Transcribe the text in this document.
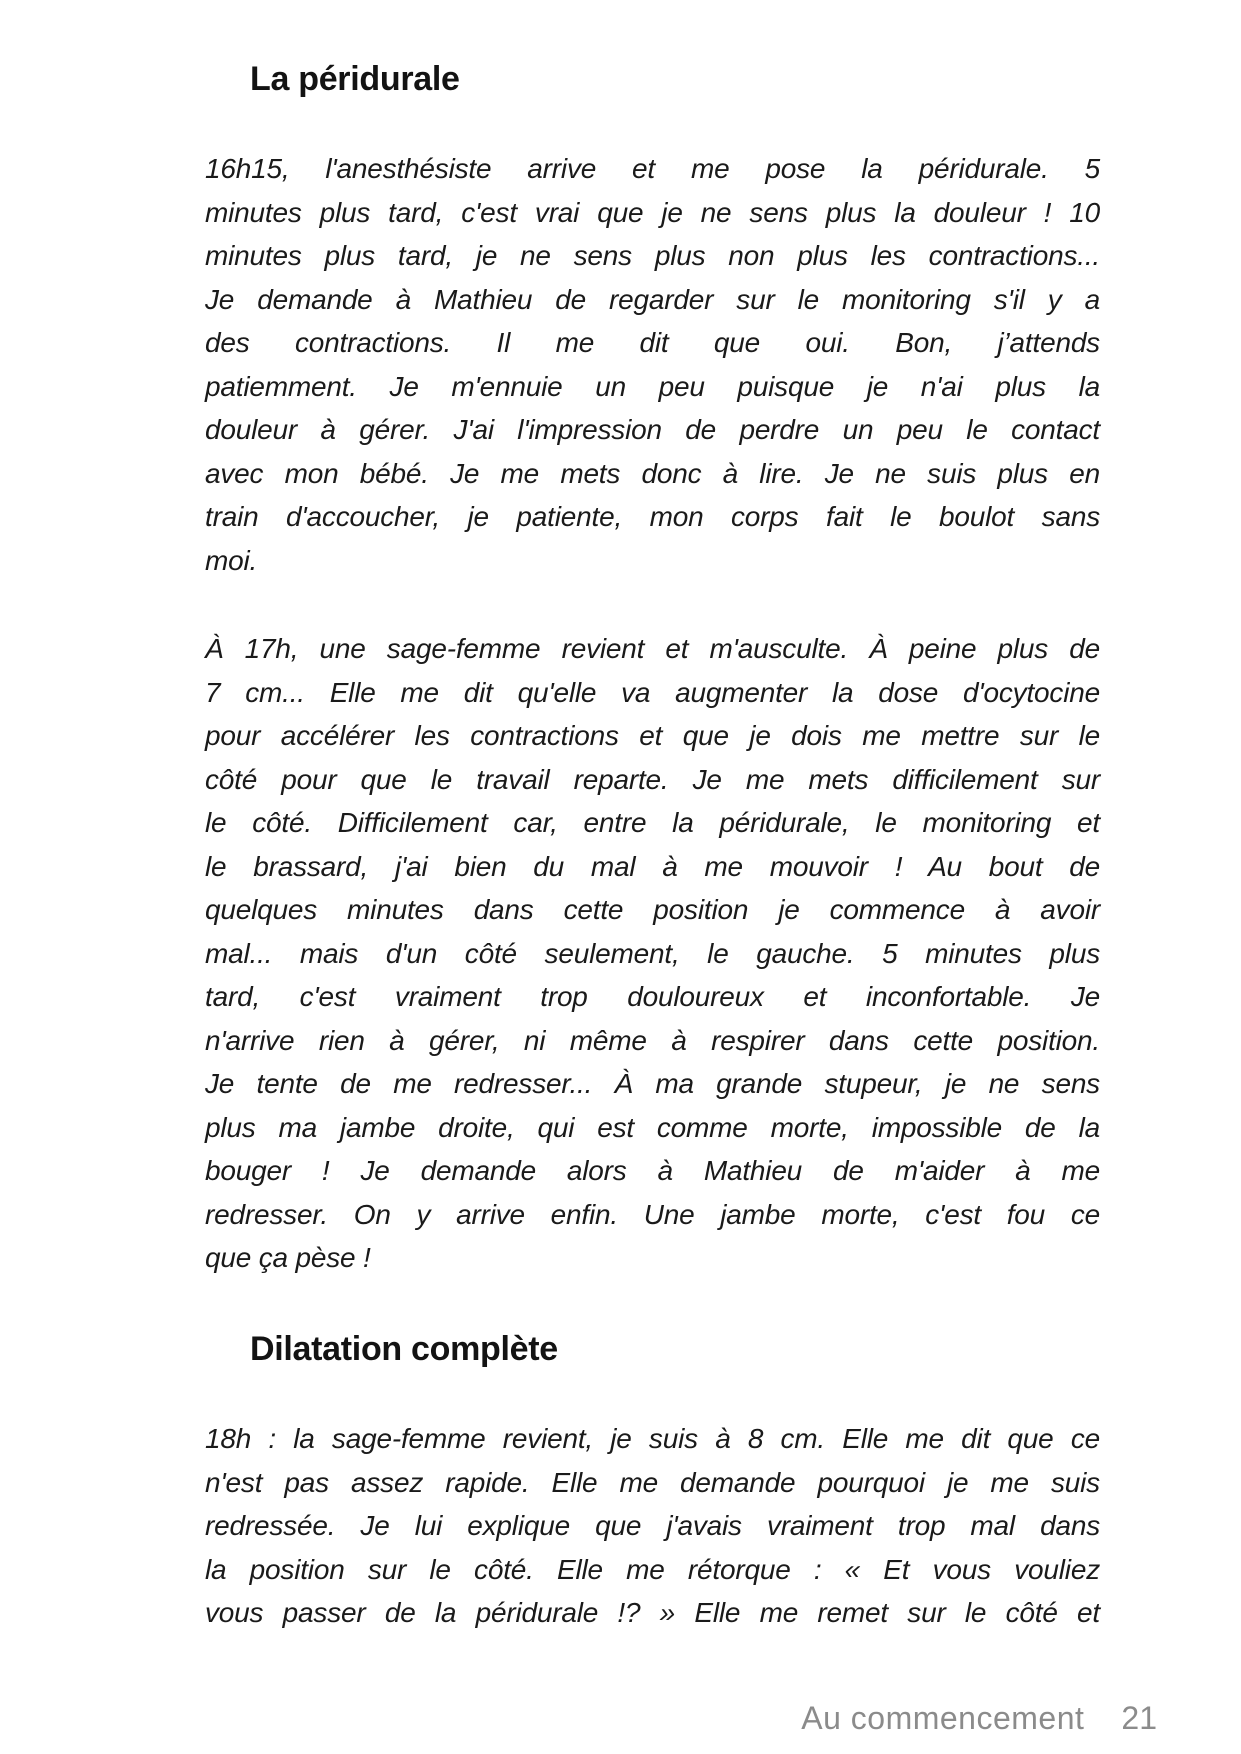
La péridurale
16h15, l'anesthésiste arrive et me pose la péridurale. 5
minutes plus tard, c'est vrai que je ne sens plus la douleur ! 10
minutes plus tard, je ne sens plus non plus les contractions...
Je demande à Mathieu de regarder sur le monitoring s'il y a
des contractions. Il me dit que oui. Bon, j’attends
patiemment. Je m'ennuie un peu puisque je n'ai plus la
douleur à gérer. J'ai l'impression de perdre un peu le contact
avec mon bébé. Je me mets donc à lire. Je ne suis plus en
train d'accoucher, je patiente, mon corps fait le boulot sans
moi.
À 17h, une sage-femme revient et m'ausculte. À peine plus de
7 cm... Elle me dit qu'elle va augmenter la dose d'ocytocine
pour accélérer les contractions et que je dois me mettre sur le
côté pour que le travail reparte. Je me mets difficilement sur
le côté. Difficilement car, entre la péridurale, le monitoring et
le brassard, j'ai bien du mal à me mouvoir ! Au bout de
quelques minutes dans cette position je commence à avoir
mal... mais d'un côté seulement, le gauche. 5 minutes plus
tard, c'est vraiment trop douloureux et inconfortable. Je
n'arrive rien à gérer, ni même à respirer dans cette position.
Je tente de me redresser... À ma grande stupeur, je ne sens
plus ma jambe droite, qui est comme morte, impossible de la
bouger ! Je demande alors à Mathieu de m'aider à me
redresser. On y arrive enfin. Une jambe morte, c'est fou ce
que ça pèse !
Dilatation complète
18h : la sage-femme revient, je suis à 8 cm. Elle me dit que ce
n'est pas assez rapide. Elle me demande pourquoi je me suis
redressée. Je lui explique que j'avais vraiment trop mal dans
la position sur le côté. Elle me rétorque : « Et vous vouliez
vous passer de la péridurale !? » Elle me remet sur le côté et
Au commencement 21
